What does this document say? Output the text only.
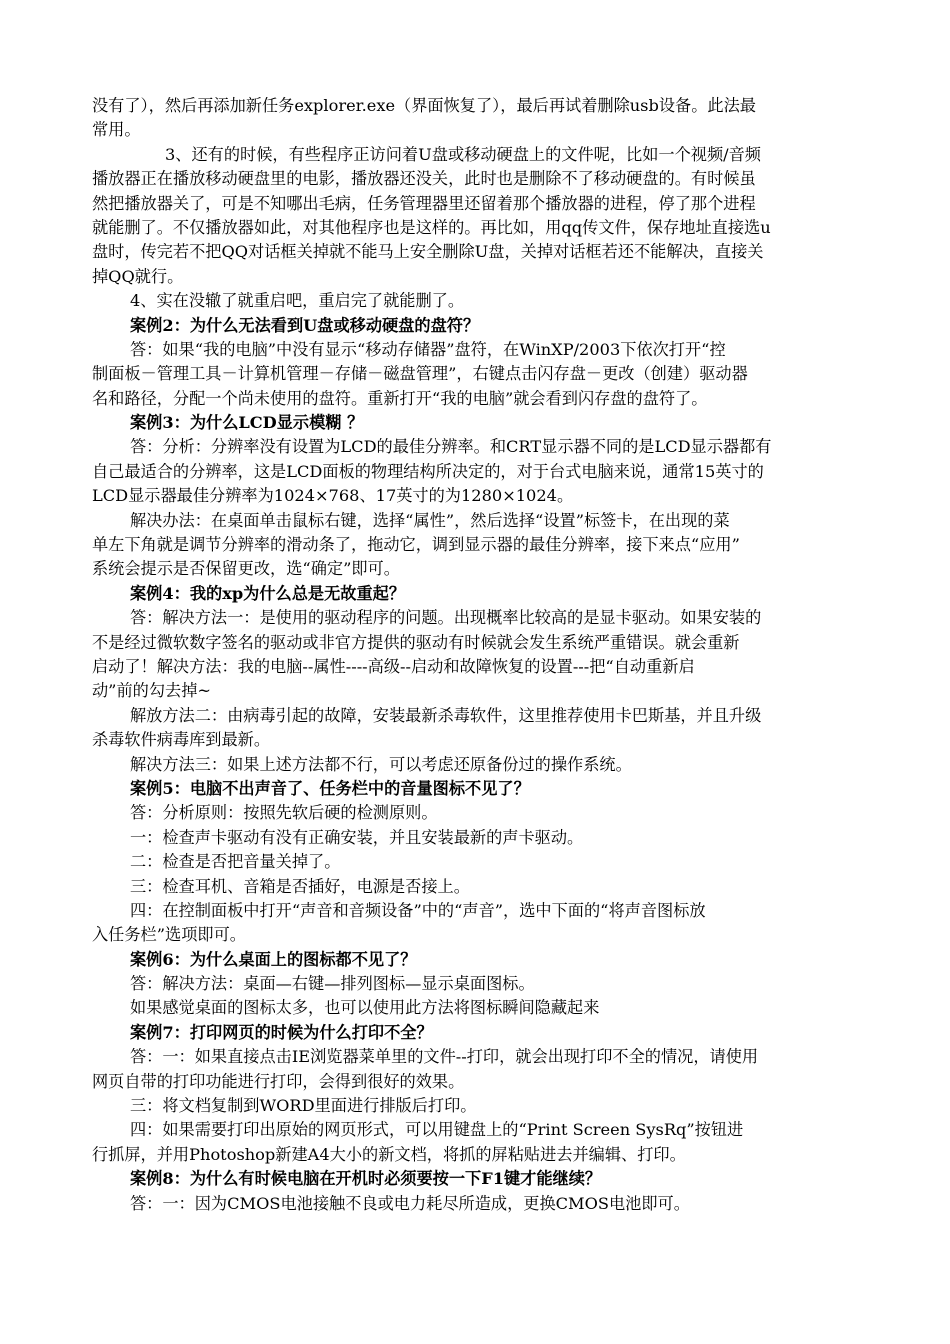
没有了），然后再添加新任务explorer.exe（界面恢复了），最后再试着删除usb设备。此法最

常用。

3、还有的时候，有些程序正访问着U盘或移动硬盘上的文件呢，比如一个视频/音频

播放器正在播放移动硬盘里的电影，播放器还没关，此时也是删除不了移动硬盘的。有时候虽

然把播放器关了，可是不知哪出毛病，任务管理器里还留着那个播放器的进程，停了那个进程

就能删了。不仅播放器如此，对其他程序也是这样的。再比如，用qq传文件，保存地址直接选u

盘时，传完若不把QQ对话框关掉就不能马上安全删除U盘，关掉对话框若还不能解决，直接关

掉QQ就行。

4、实在没辙了就重启吧，重启完了就能删了。

案例2：为什么无法看到U盘或移动硬盘的盘符？

答：如果“我的电脑”中没有显示“移动存储器”盘符，在WinXP/2003下依次打开“控

制面板－管理工具－计算机管理－存储－磁盘管理”，右键点击闪存盘－更改（创建）驱动器

名和路径，分配一个尚未使用的盘符。重新打开“我的电脑”就会看到闪存盘的盘符了。

案例3：为什么LCD显示模糊 ？

答：分析：分辨率没有设置为LCD的最佳分辨率。和CRT显示器不同的是LCD显示器都有

自己最适合的分辨率，这是LCD面板的物理结构所决定的，对于台式电脑来说，通常15英寸的

LCD显示器最佳分辨率为1024×768、17英寸的为1280×1024。

解决办法：在桌面单击鼠标右键，选择“属性”，然后选择“设置”标签卡，在出现的菜

单左下角就是调节分辨率的滑动条了，拖动它，调到显示器的最佳分辨率，接下来点“应用”

系统会提示是否保留更改，选“确定”即可。

案例4：我的xp为什么总是无故重起？

答：解决方法一：是使用的驱动程序的问题。出现概率比较高的是显卡驱动。如果安装的

不是经过微软数字签名的驱动或非官方提供的驱动有时候就会发生系统严重错误。就会重新

启动了！解决方法：我的电脑--属性----高级--启动和故障恢复的设置---把“自动重新启

动”前的勾去掉~

解放方法二：由病毒引起的故障，安装最新杀毒软件，这里推荐使用卡巴斯基，并且升级

杀毒软件病毒库到最新。

解决方法三：如果上述方法都不行，可以考虑还原备份过的操作系统。

案例5：电脑不出声音了、任务栏中的音量图标不见了？

答：分析原则：按照先软后硬的检测原则。

一：检查声卡驱动有没有正确安装，并且安装最新的声卡驱动。

二：检查是否把音量关掉了。

三：检查耳机、音箱是否插好，电源是否接上。

四：在控制面板中打开“声音和音频设备”中的“声音”，选中下面的“将声音图标放

入任务栏”选项即可。

案例6：为什么桌面上的图标都不见了？

答：解决方法：桌面—右键—排列图标—显示桌面图标。

如果感觉桌面的图标太多，也可以使用此方法将图标瞬间隐藏起来

案例7：打印网页的时候为什么打印不全？

答：一：如果直接点击IE浏览器菜单里的文件--打印，就会出现打印不全的情况，请使用

网页自带的打印功能进行打印，会得到很好的效果。

三：将文档复制到WORD里面进行排版后打印。

四：如果需要打印出原始的网页形式，可以用键盘上的“Print Screen SysRq”按钮进

行抓屏，并用Photoshop新建A4大小的新文档，将抓的屏粘贴进去并编辑、打印。

案例8：为什么有时候电脑在开机时必须要按一下F1键才能继续？

答：一：因为CMOS电池接触不良或电力耗尽所造成，更换CMOS电池即可。
